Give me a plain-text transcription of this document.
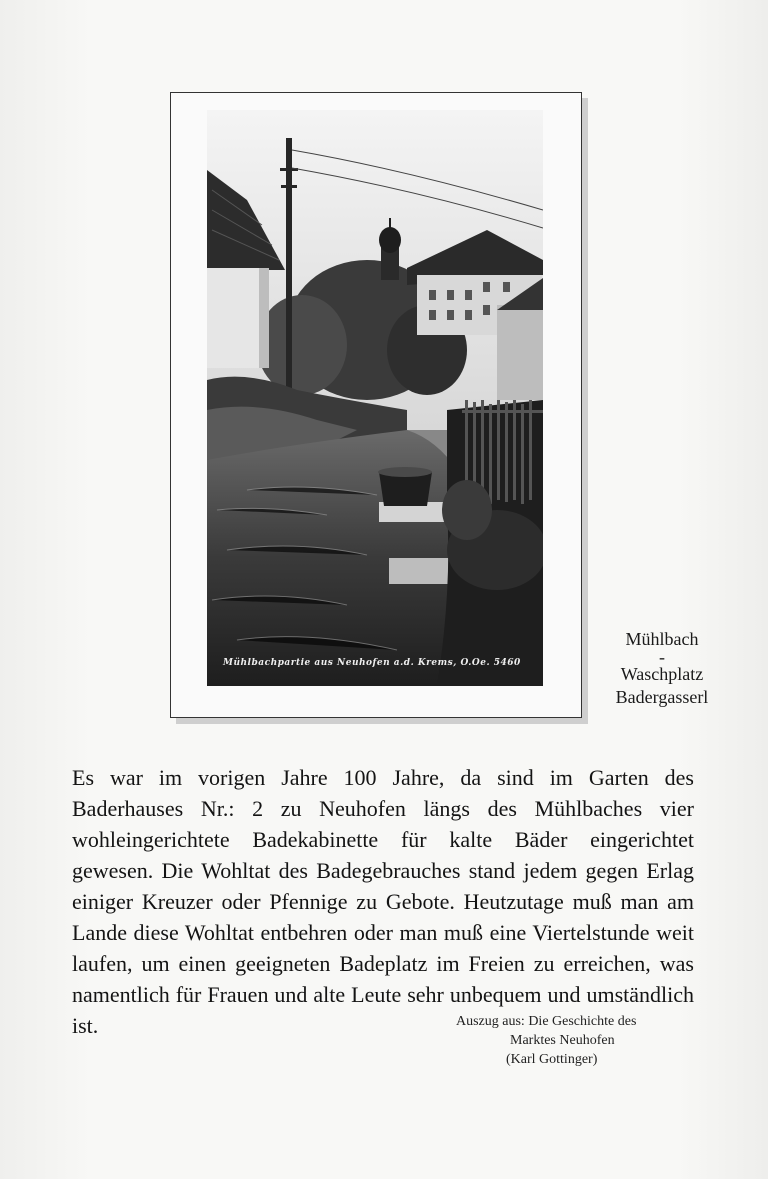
Mühlbachpartie aus Neuhofen a.d. Krems, O.Oe. 5460
Mühlbach
-
Waschplatz
Badergasserl
Es war im vorigen Jahre 100 Jahre, da sind im Garten des Baderhauses Nr.: 2 zu Neuhofen längs des Mühlbaches vier wohleingerichtete Badekabinette für kalte Bäder eingerichtet gewesen. Die Wohltat des Badegebrauches stand jedem gegen Erlag einiger Kreuzer oder Pfennige zu Gebote. Heutzutage muß man am Lande diese Wohltat entbehren oder man muß eine Viertelstunde weit laufen, um einen geeigneten Badeplatz im Freien zu erreichen, was namentlich für Frauen und alte Leute sehr unbequem und umständlich ist.	Auszug aus: Die Geschichte des
Marktes Neuhofen
(Karl Gottinger)
